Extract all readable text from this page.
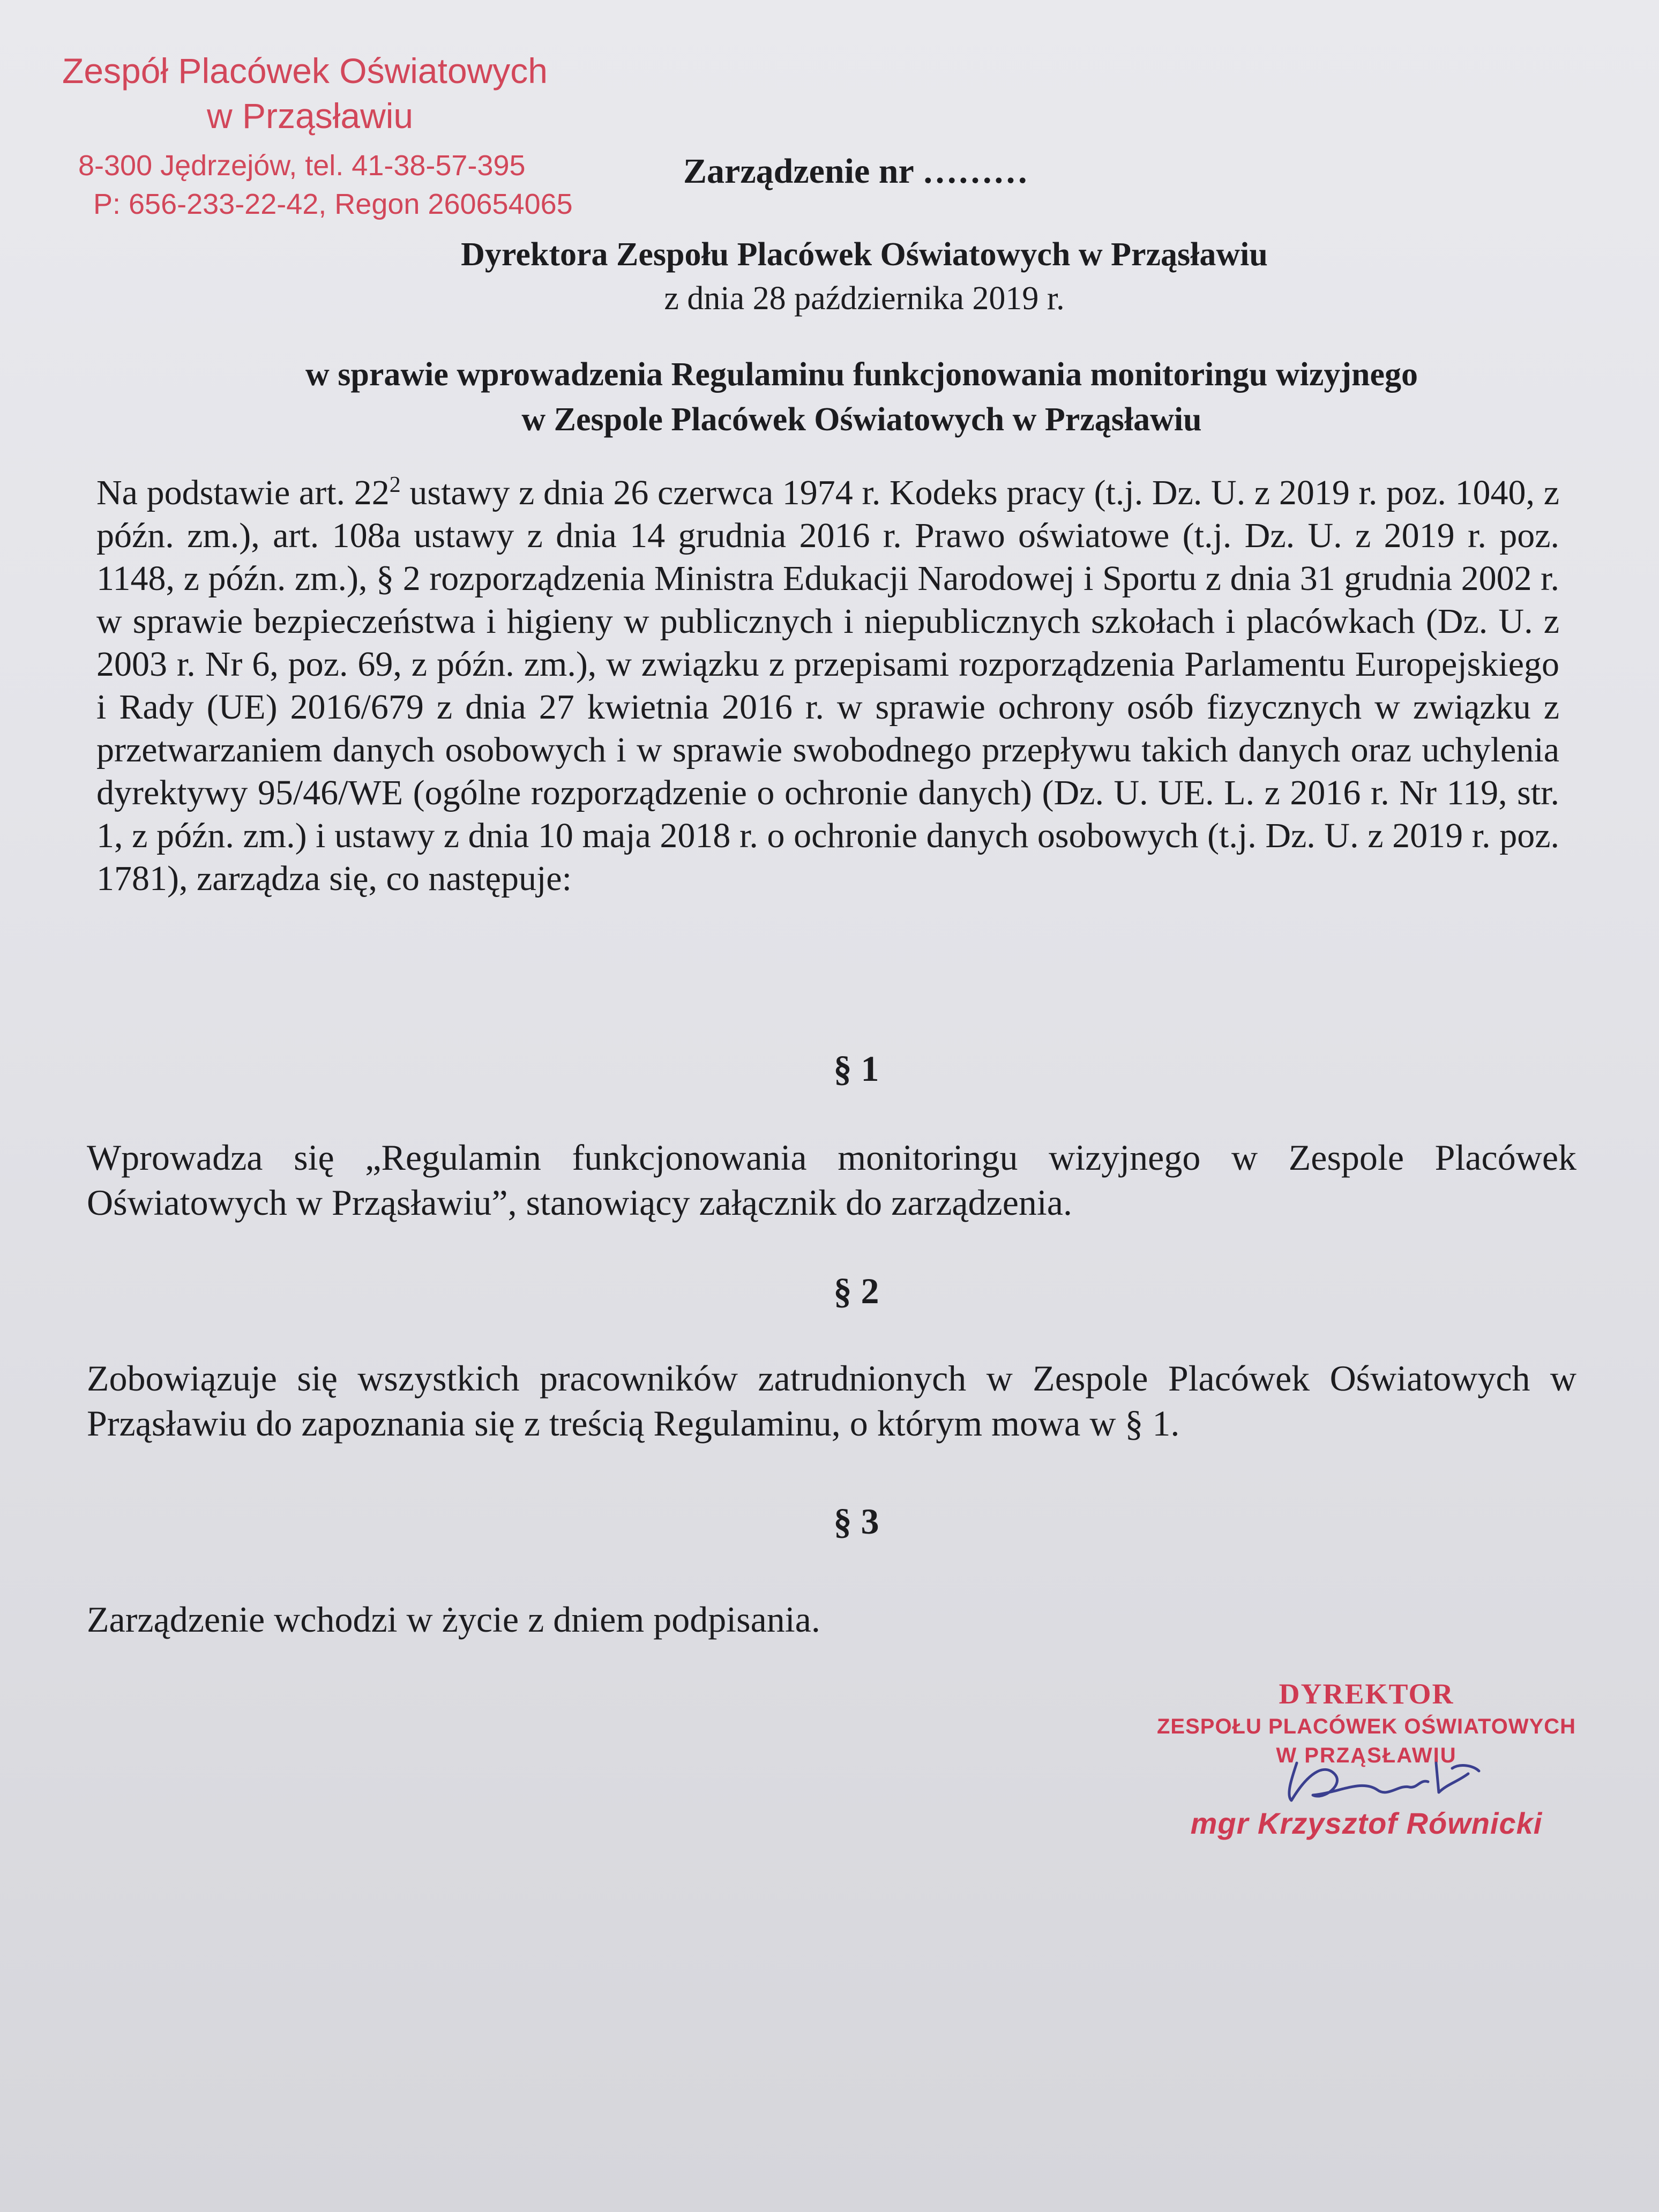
Zespół Placówek Oświatowych
w Prząsławiu
8-300 Jędrzejów, tel. 41-38-57-395
P: 656-233-22-42, Regon 260654065
Zarządzenie nr ………
Dyrektora Zespołu Placówek Oświatowych w Prząsławiu
z dnia 28 października 2019 r.
w sprawie wprowadzenia Regulaminu funkcjonowania monitoringu wizyjnego
w Zespole Placówek Oświatowych w Prząsławiu
Na podstawie art. $22^2$ ustawy z dnia 26 czerwca 1974 r. Kodeks pracy (t.j. Dz. U. z 2019 r. poz. 1040, z późn. zm.), art. 108a ustawy z dnia 14 grudnia 2016 r. Prawo oświatowe (t.j. Dz. U. z 2019 r. poz. 1148, z późn. zm.), § 2 rozporządzenia Ministra Edukacji Narodowej i Sportu z dnia 31 grudnia 2002 r. w sprawie bezpieczeństwa i higieny w publicznych i niepublicznych szkołach i placówkach (Dz. U. z 2003 r. Nr 6, poz. 69, z późn. zm.), w związku z przepisami rozporządzenia Parlamentu Europejskiego i Rady (UE) 2016/679 z dnia 27 kwietnia 2016 r. w sprawie ochrony osób fizycznych w związku z przetwarzaniem danych osobowych i w sprawie swobodnego przepływu takich danych oraz uchylenia dyrektywy 95/46/WE (ogólne rozporządzenie o ochronie danych) (Dz. U. UE. L. z 2016 r. Nr 119, str. 1, z późn. zm.) i ustawy z dnia 10 maja 2018 r. o ochronie danych osobowych (t.j. Dz. U. z 2019 r. poz. 1781), zarządza się, co następuje:
§ 1
Wprowadza się „Regulamin funkcjonowania monitoringu wizyjnego w Zespole Placówek Oświatowych w Prząsławiu”, stanowiący załącznik do zarządzenia.
§ 2
Zobowiązuje się wszystkich pracowników zatrudnionych w Zespole Placówek Oświatowych w Prząsławiu do zapoznania się z treścią Regulaminu, o którym mowa w § 1.
§ 3
Zarządzenie wchodzi w życie z dniem podpisania.
DYREKTOR
ZESPOŁU PLACÓWEK OŚWIATOWYCH
W PRZĄSŁAWIU
mgr Krzysztof Równicki
